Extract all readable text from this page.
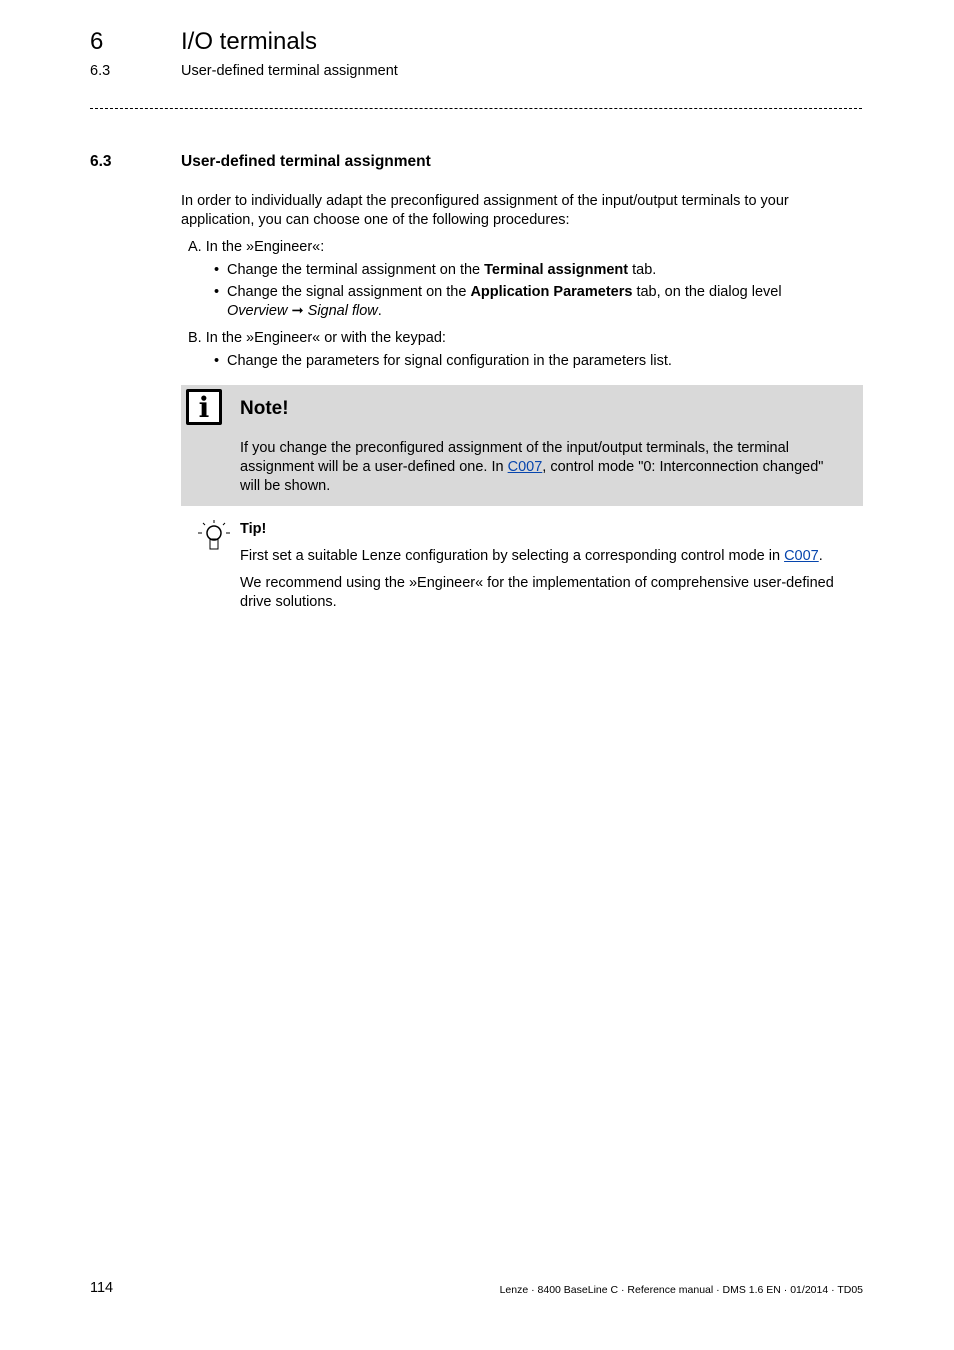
6	I/O terminals
6.3	User-defined terminal assignment
6.3	User-defined terminal assignment
In order to individually adapt the preconfigured assignment of the input/output terminals to your application, you can choose one of the following procedures:
A. In the »Engineer«:
• Change the terminal assignment on the Terminal assignment tab.
• Change the signal assignment on the Application Parameters tab, on the dialog level
Overview ➞ Signal flow.
B. In the »Engineer« or with the keypad:
• Change the parameters for signal configuration in the parameters list.
i	Note!
If you change the preconfigured assignment of the input/output terminals, the terminal assignment will be a user-defined one. In C007, control mode "0: Interconnection changed" will be shown.
Tip!

First set a suitable Lenze configuration by selecting a corresponding control mode in C007.

We recommend using the »Engineer« for the implementation of comprehensive user-defined drive solutions.

114	Lenze · 8400 BaseLine C · Reference manual · DMS 1.6 EN · 01/2014 · TD05
